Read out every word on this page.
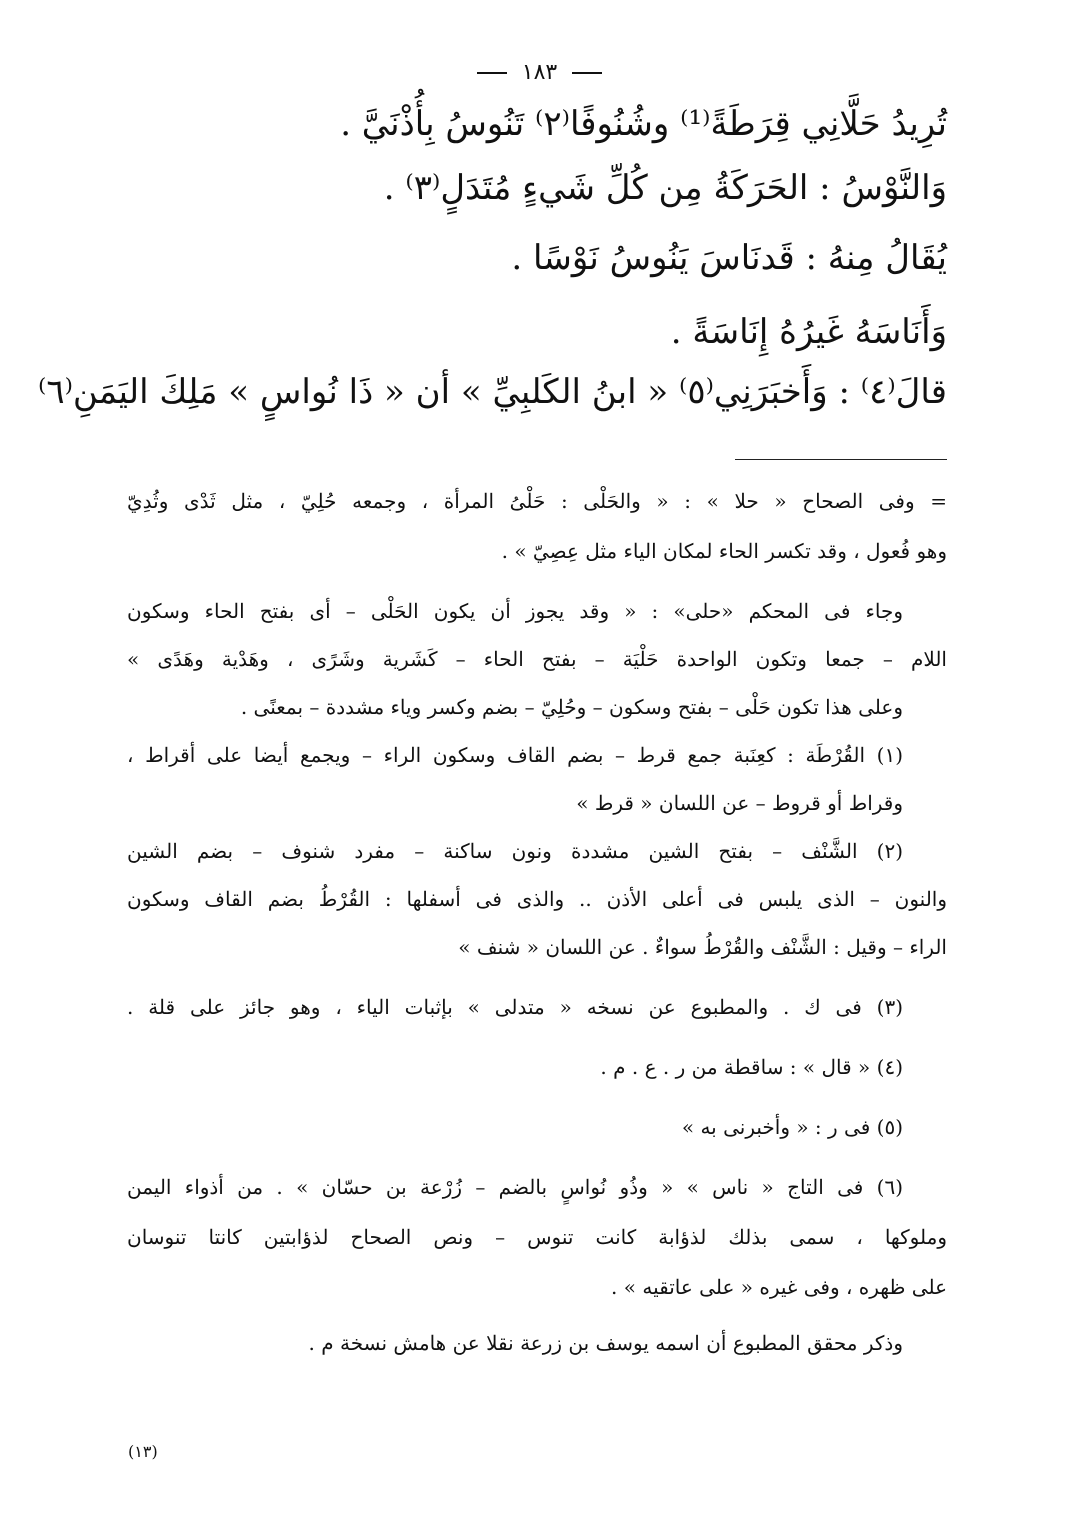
١٨٣
تُرِيدُ حَلَّانِي قِرَطَةً⁽¹⁾ وشُنُوفًا⁽٢⁾ تَنُوسُ بِأُذْنَيَّ .
وَالنَّوْسُ : الحَرَكَةُ مِن كُلِّ شَيءٍ مُتَدَلٍ⁽٣⁾ .
يُقَالُ مِنهُ : قَدنَاسَ يَنُوسُ نَوْسًا .
وَأَنَاسَهُ غَيرُهُ إِنَاسَةً .
قالَ⁽٤⁾ : وَأَخبَرَنِي⁽٥⁾ « ابنُ الكَلبِيِّ » أن « ذَا نُواسٍ » مَلِكَ اليَمَنِ⁽٦⁾
= وفى الصحاح « حلا » : « والحَلْى : حَلْىُ المرأة ، وجمعه حُلِيّ ، مثل ثَدْى وثُدِيّ
وهو فُعول ، وقد تكسر الحاء لمكان الياء مثل عِصِيّ » .
وجاء فى المحكم «حلى» : « وقد يجوز أن يكون الحَلْى – أى بفتح الحاء وسكون
اللام – جمعا وتكون الواحدة حَلْيَة – بفتح الحاء – كَشَرية وشَرًى ، وهَدْية وهَدًى »
وعلى هذا تكون حَلْى – بفتح وسكون – وحُلِيّ – بضم وكسر وياء مشددة – بمعنًى .
(١) القُرْطَة : كعِنَبة جمع قرط – بضم القاف وسكون الراء – ويجمع أيضا على أقراط ،
وقراط أو قروط – عن اللسان « قرط »
(٢) الشَّنْف – بفتح الشين مشددة ونون ساكنة – مفرد شنوف – بضم الشين
والنون – الذى يلبس فى أعلى الأذن .. والذى فى أسفلها : القُرْطُ بضم القاف وسكون
الراء – وقيل : الشَّنْف والقُرْطُ سواءٌ . عن اللسان « شنف »
(٣) فى ك . والمطبوع عن نسخه « متدلى » بإثبات الياء ، وهو جائز على قلة .
(٤) « قال » : ساقطة من ر . ع . م .
(٥) فى ر : « وأخبرنى به »
(٦) فى التاج « ناس » « وذُو نُواسٍ بالضم – زُرْعة بن حسّان » . من أذواء اليمن
وملوكها ، سمى بذلك لذؤابة كانت تنوس – ونص الصحاح لذؤابتين كانتا تنوسان
على ظهره ، وفى غيره « على عاتقيه » .
وذكر محقق المطبوع أن اسمه يوسف بن زرعة نقلا عن هامش نسخة م .
(١٣)
